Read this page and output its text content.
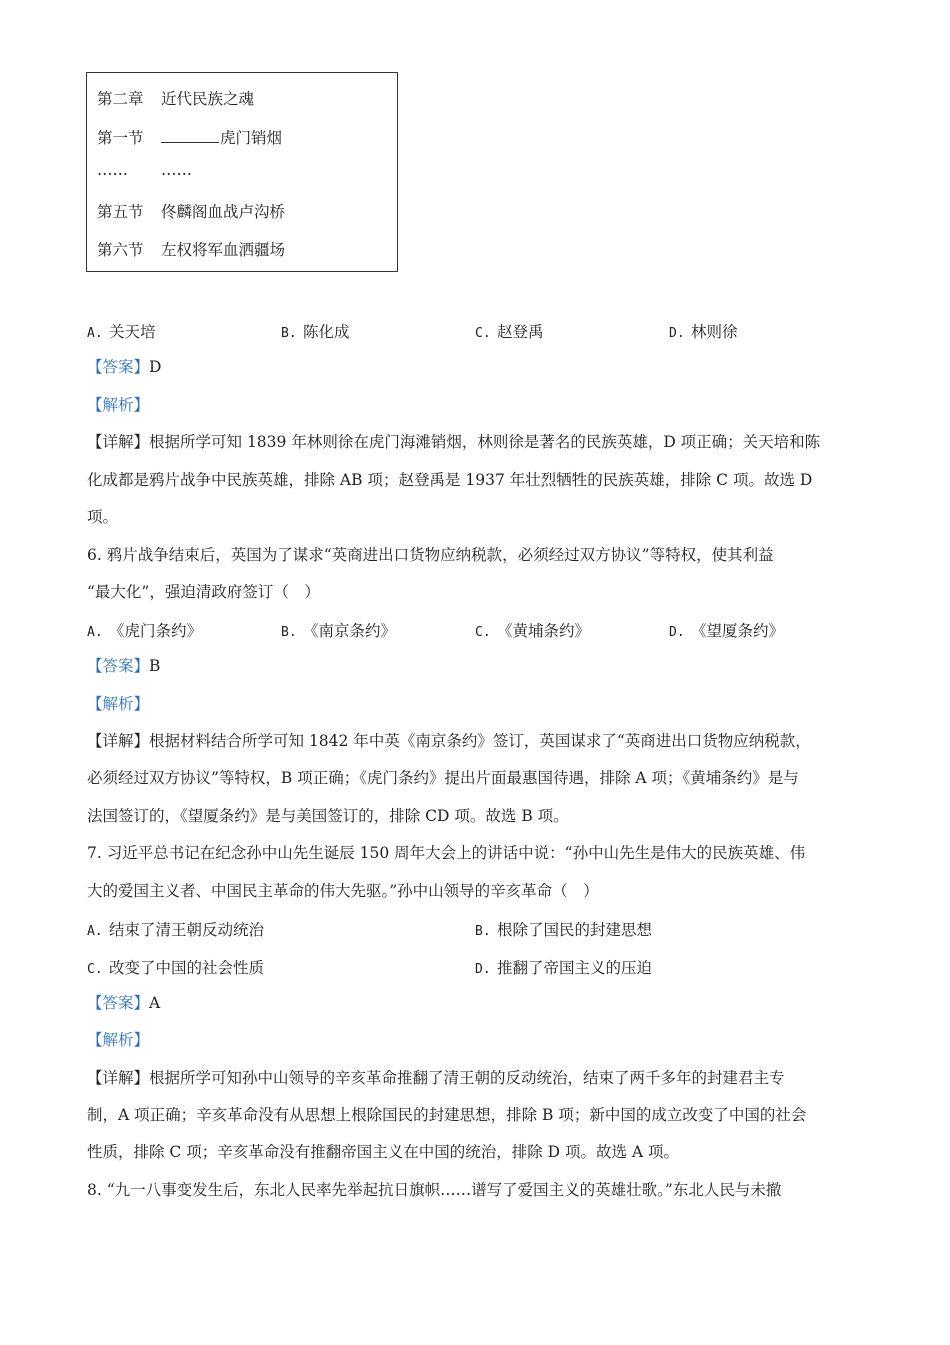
第二章 近代民族之魂
第一节	虎门销烟
…… ……
第五节 佟麟阁血战卢沟桥
第六节 左权将军血洒疆场
A. 关天培	B. 陈化成	C. 赵登禹	D. 林则徐
【答案】D
【解析】
【详解】根据所学可知 1839 年林则徐在虎门海滩销烟，林则徐是著名的民族英雄，D 项正确；关天培和陈
化成都是鸦片战争中民族英雄，排除 AB 项；赵登禹是 1937 年壮烈牺牲的民族英雄，排除 C 项。故选 D
项。
6. 鸦片战争结束后，英国为了谋求“英商进出口货物应纳税款，必须经过双方协议”等特权，使其利益
“最大化”，强迫清政府签订（　）
A. 《虎门条约》	B. 《南京条约》	C. 《黄埔条约》	D. 《望厦条约》
【答案】B
【解析】
【详解】根据材料结合所学可知 1842 年中英《南京条约》签订，英国谋求了“英商进出口货物应纳税款，
必须经过双方协议”等特权，B 项正确；《虎门条约》提出片面最惠国待遇，排除 A 项；《黄埔条约》是与
法国签订的，《望厦条约》是与美国签订的，排除 CD 项。故选 B 项。
7. 习近平总书记在纪念孙中山先生诞辰 150 周年大会上的讲话中说：“孙中山先生是伟大的民族英雄、伟
大的爱国主义者、中国民主革命的伟大先驱。”孙中山领导的辛亥革命（　）
A. 结束了清王朝反动统治	B. 根除了国民的封建思想
C. 改变了中国的社会性质	D. 推翻了帝国主义的压迫
【答案】A
【解析】
【详解】根据所学可知孙中山领导的辛亥革命推翻了清王朝的反动统治，结束了两千多年的封建君主专
制，A 项正确；辛亥革命没有从思想上根除国民的封建思想，排除 B 项；新中国的成立改变了中国的社会
性质，排除 C 项；辛亥革命没有推翻帝国主义在中国的统治，排除 D 项。故选 A 项。
8. “九一八事变发生后，东北人民率先举起抗日旗帜……谱写了爱国主义的英雄壮歌。”东北人民与未撤
